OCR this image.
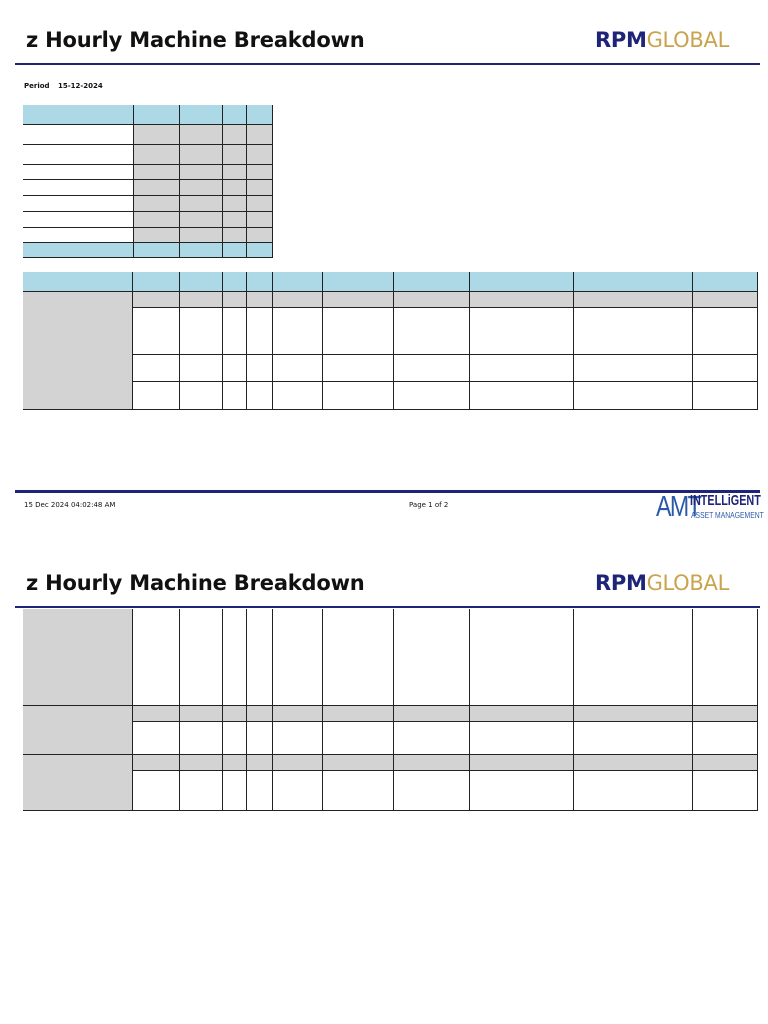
z Hourly Machine Breakdown	RPMGLOBAL
Period 15-12-2024
15 Dec 2024 04:02:48 AM	Page 1 of 2	AMT
INTELLiGENT
ASSET MANAGEMENT
z Hourly Machine Breakdown	RPMGLOBAL
